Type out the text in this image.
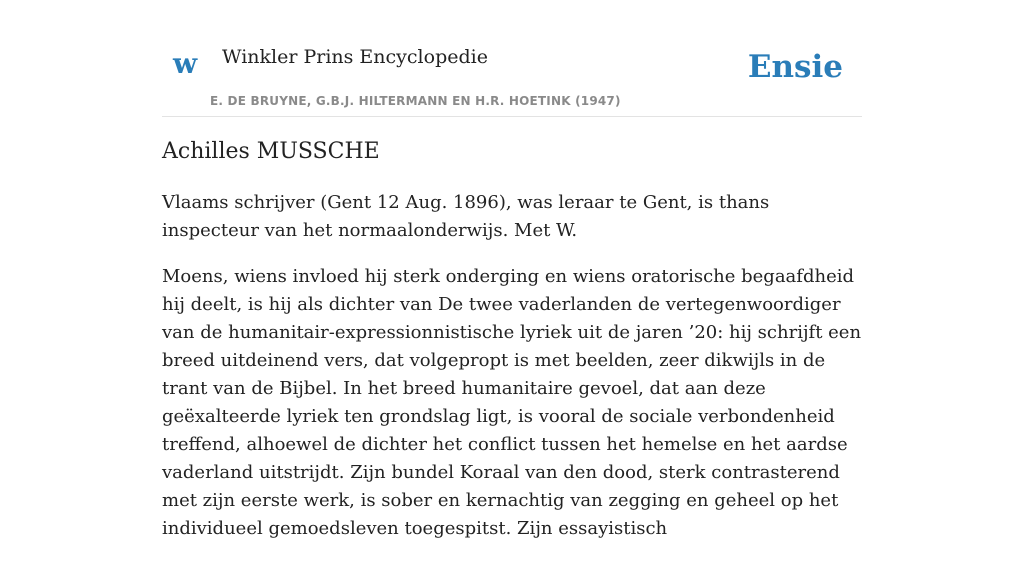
w Winkler Prins Encyclopedie
E. DE BRUYNE, G.B.J. HILTERMANN EN H.R. HOETINK (1947)
Ensie
Achilles MUSSCHE

Vlaams schrijver (Gent 12 Aug. 1896), was leraar te Gent, is thans inspecteur van het normaalonderwijs. Met W.

Moens, wiens invloed hij sterk onderging en wiens oratorische begaafdheid hij deelt, is hij als dichter van De twee vaderlanden de vertegenwoordiger van de humanitair-expressionnistische lyriek uit de jaren ’20: hij schrijft een breed uitdeinend vers, dat volgepropt is met beelden, zeer dikwijls in de trant van de Bijbel. In het breed humanitaire gevoel, dat aan deze geëxalteerde lyriek ten grondslag ligt, is vooral de sociale verbondenheid treffend, alhoewel de dichter het conflict tussen het hemelse en het aardse vaderland uitstrijdt. Zijn bundel Koraal van den dood, sterk contrasterend met zijn eerste werk, is sober en kernachtig van zegging en geheel op het individueel gemoedsleven toegespitst. Zijn essayistisch
